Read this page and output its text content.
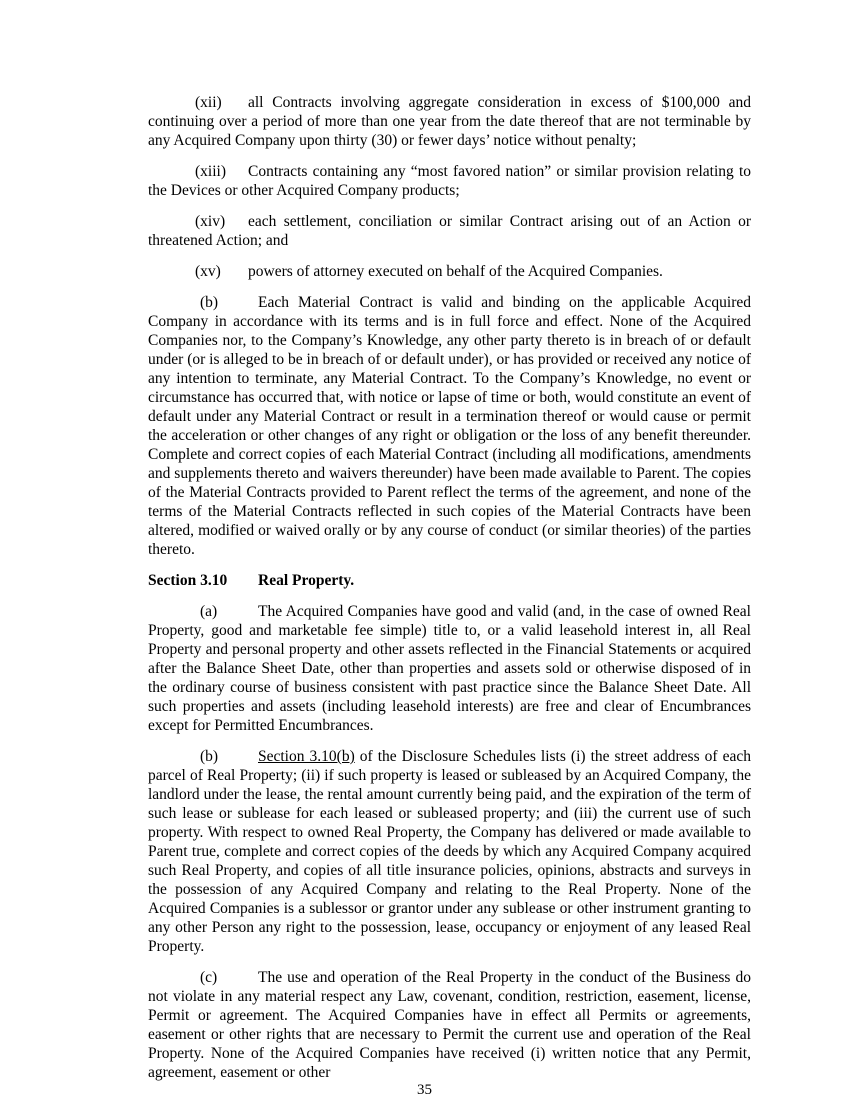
(xii) all Contracts involving aggregate consideration in excess of $100,000 and continuing over a period of more than one year from the date thereof that are not terminable by any Acquired Company upon thirty (30) or fewer days’ notice without penalty;

(xiii) Contracts containing any “most favored nation” or similar provision relating to the Devices or other Acquired Company products;

(xiv) each settlement, conciliation or similar Contract arising out of an Action or threatened Action; and

(xv) powers of attorney executed on behalf of the Acquired Companies.

(b)	Each Material Contract is valid and binding on the applicable Acquired Company in accordance with its terms and is in full force and effect. None of the Acquired Companies nor, to the Company’s Knowledge, any other party thereto is in breach of or default under (or is alleged to be in breach of or default under), or has provided or received any notice of any intention to terminate, any Material Contract. To the Company’s Knowledge, no event or circumstance has occurred that, with notice or lapse of time or both, would constitute an event of default under any Material Contract or result in a termination thereof or would cause or permit the acceleration or other changes of any right or obligation or the loss of any benefit thereunder. Complete and correct copies of each Material Contract (including all modifications, amendments and supplements thereto and waivers thereunder) have been made available to Parent. The copies of the Material Contracts provided to Parent reflect the terms of the agreement, and none of the terms of the Material Contracts reflected in such copies of the Material Contracts have been altered, modified or waived orally or by any course of conduct (or similar theories) of the parties thereto.

Section 3.10 Real Property.

(a)	The Acquired Companies have good and valid (and, in the case of owned Real Property, good and marketable fee simple) title to, or a valid leasehold interest in, all Real Property and personal property and other assets reflected in the Financial Statements or acquired after the Balance Sheet Date, other than properties and assets sold or otherwise disposed of in the ordinary course of business consistent with past practice since the Balance Sheet Date. All such properties and assets (including leasehold interests) are free and clear of Encumbrances except for Permitted Encumbrances.

(b)	Section 3.10(b) of the Disclosure Schedules lists (i) the street address of each parcel of Real Property; (ii) if such property is leased or subleased by an Acquired Company, the landlord under the lease, the rental amount currently being paid, and the expiration of the term of such lease or sublease for each leased or subleased property; and (iii) the current use of such property. With respect to owned Real Property, the Company has delivered or made available to Parent true, complete and correct copies of the deeds by which any Acquired Company acquired such Real Property, and copies of all title insurance policies, opinions, abstracts and surveys in the possession of any Acquired Company and relating to the Real Property. None of the Acquired Companies is a sublessor or grantor under any sublease or other instrument granting to any other Person any right to the possession, lease, occupancy or enjoyment of any leased Real Property.

(c)	The use and operation of the Real Property in the conduct of the Business do not violate in any material respect any Law, covenant, condition, restriction, easement, license, Permit or agreement. The Acquired Companies have in effect all Permits or agreements, easement or other rights that are necessary to Permit the current use and operation of the Real Property. None of the Acquired Companies have received (i) written notice that any Permit, agreement, easement or other

35
